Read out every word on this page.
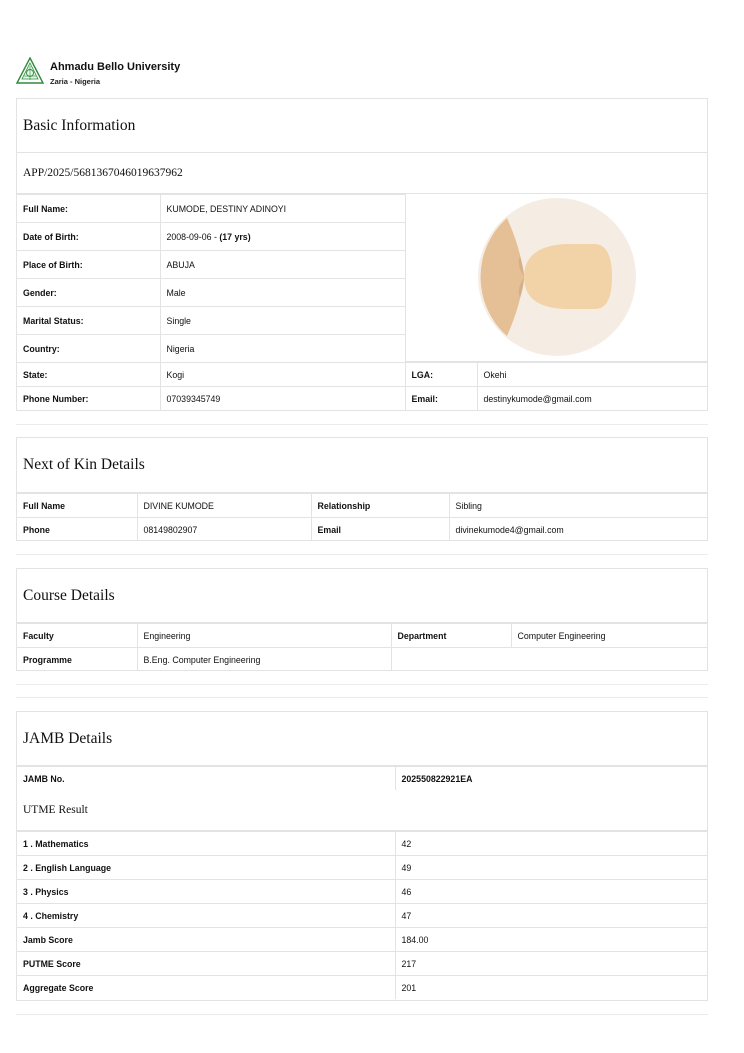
Ahmadu Bello University
Zaria - Nigeria
Basic Information
APP/2025/5681367046019637962
Full Name:	KUMODE, DESTINY ADINOYI
Date of Birth:	2008-09-06 - (17 yrs)
Place of Birth:	ABUJA
Gender:	Male
Marital Status:	Single
Country:	Nigeria
State:	Kogi	LGA:	Okehi
Phone Number:	07039345749	Email:	destinykumode@gmail.com
Next of Kin Details
Full Name	DIVINE KUMODE	Relationship	Sibling
Phone	08149802907	Email	divinekumode4@gmail.com
Course Details
Faculty	Engineering	Department	Computer Engineering
Programme	B.Eng. Computer Engineering		
JAMB Details
JAMB No.	202550822921EA
UTME Result
1 . Mathematics	42
2 . English Language	49
3 . Physics	46
4 . Chemistry	47
Jamb Score	184.00
PUTME Score	217
Aggregate Score	201
